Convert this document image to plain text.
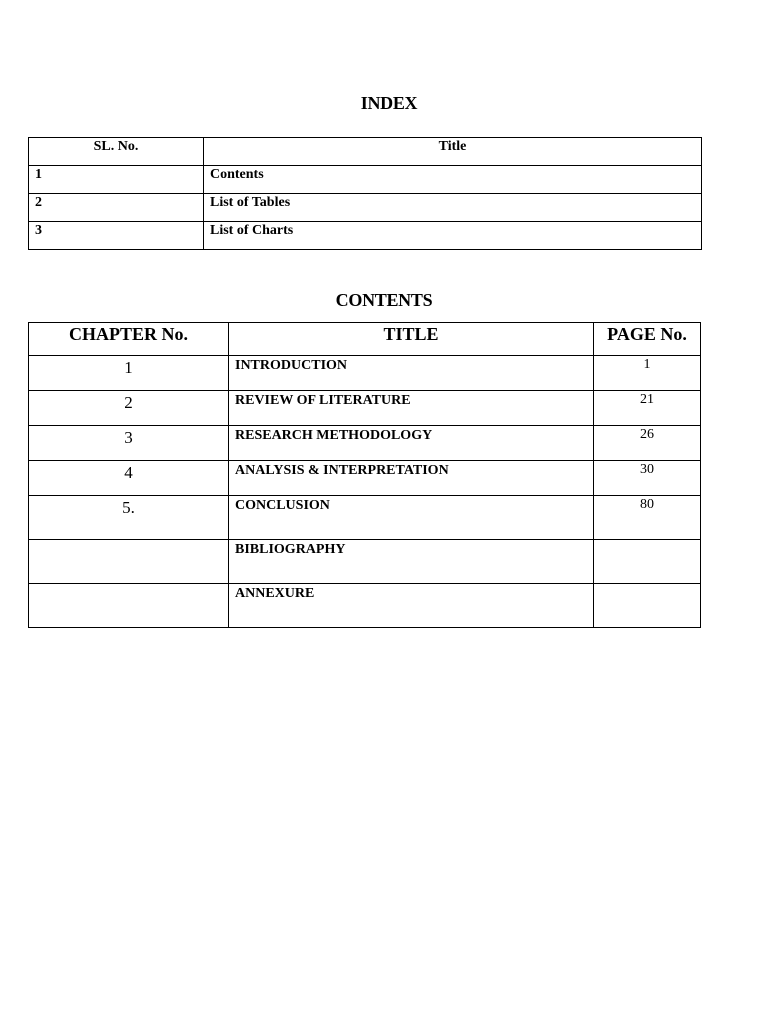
INDEX
SL. No.	Title
1	Contents
2	List of Tables
3	List of Charts
CONTENTS
CHAPTER No.	TITLE	PAGE No.
1	INTRODUCTION	1
2	REVIEW OF LITERATURE	21
3	RESEARCH METHODOLOGY	26
4	ANALYSIS & INTERPRETATION	30
5.	CONCLUSION	80
	BIBLIOGRAPHY	
	ANNEXURE	
